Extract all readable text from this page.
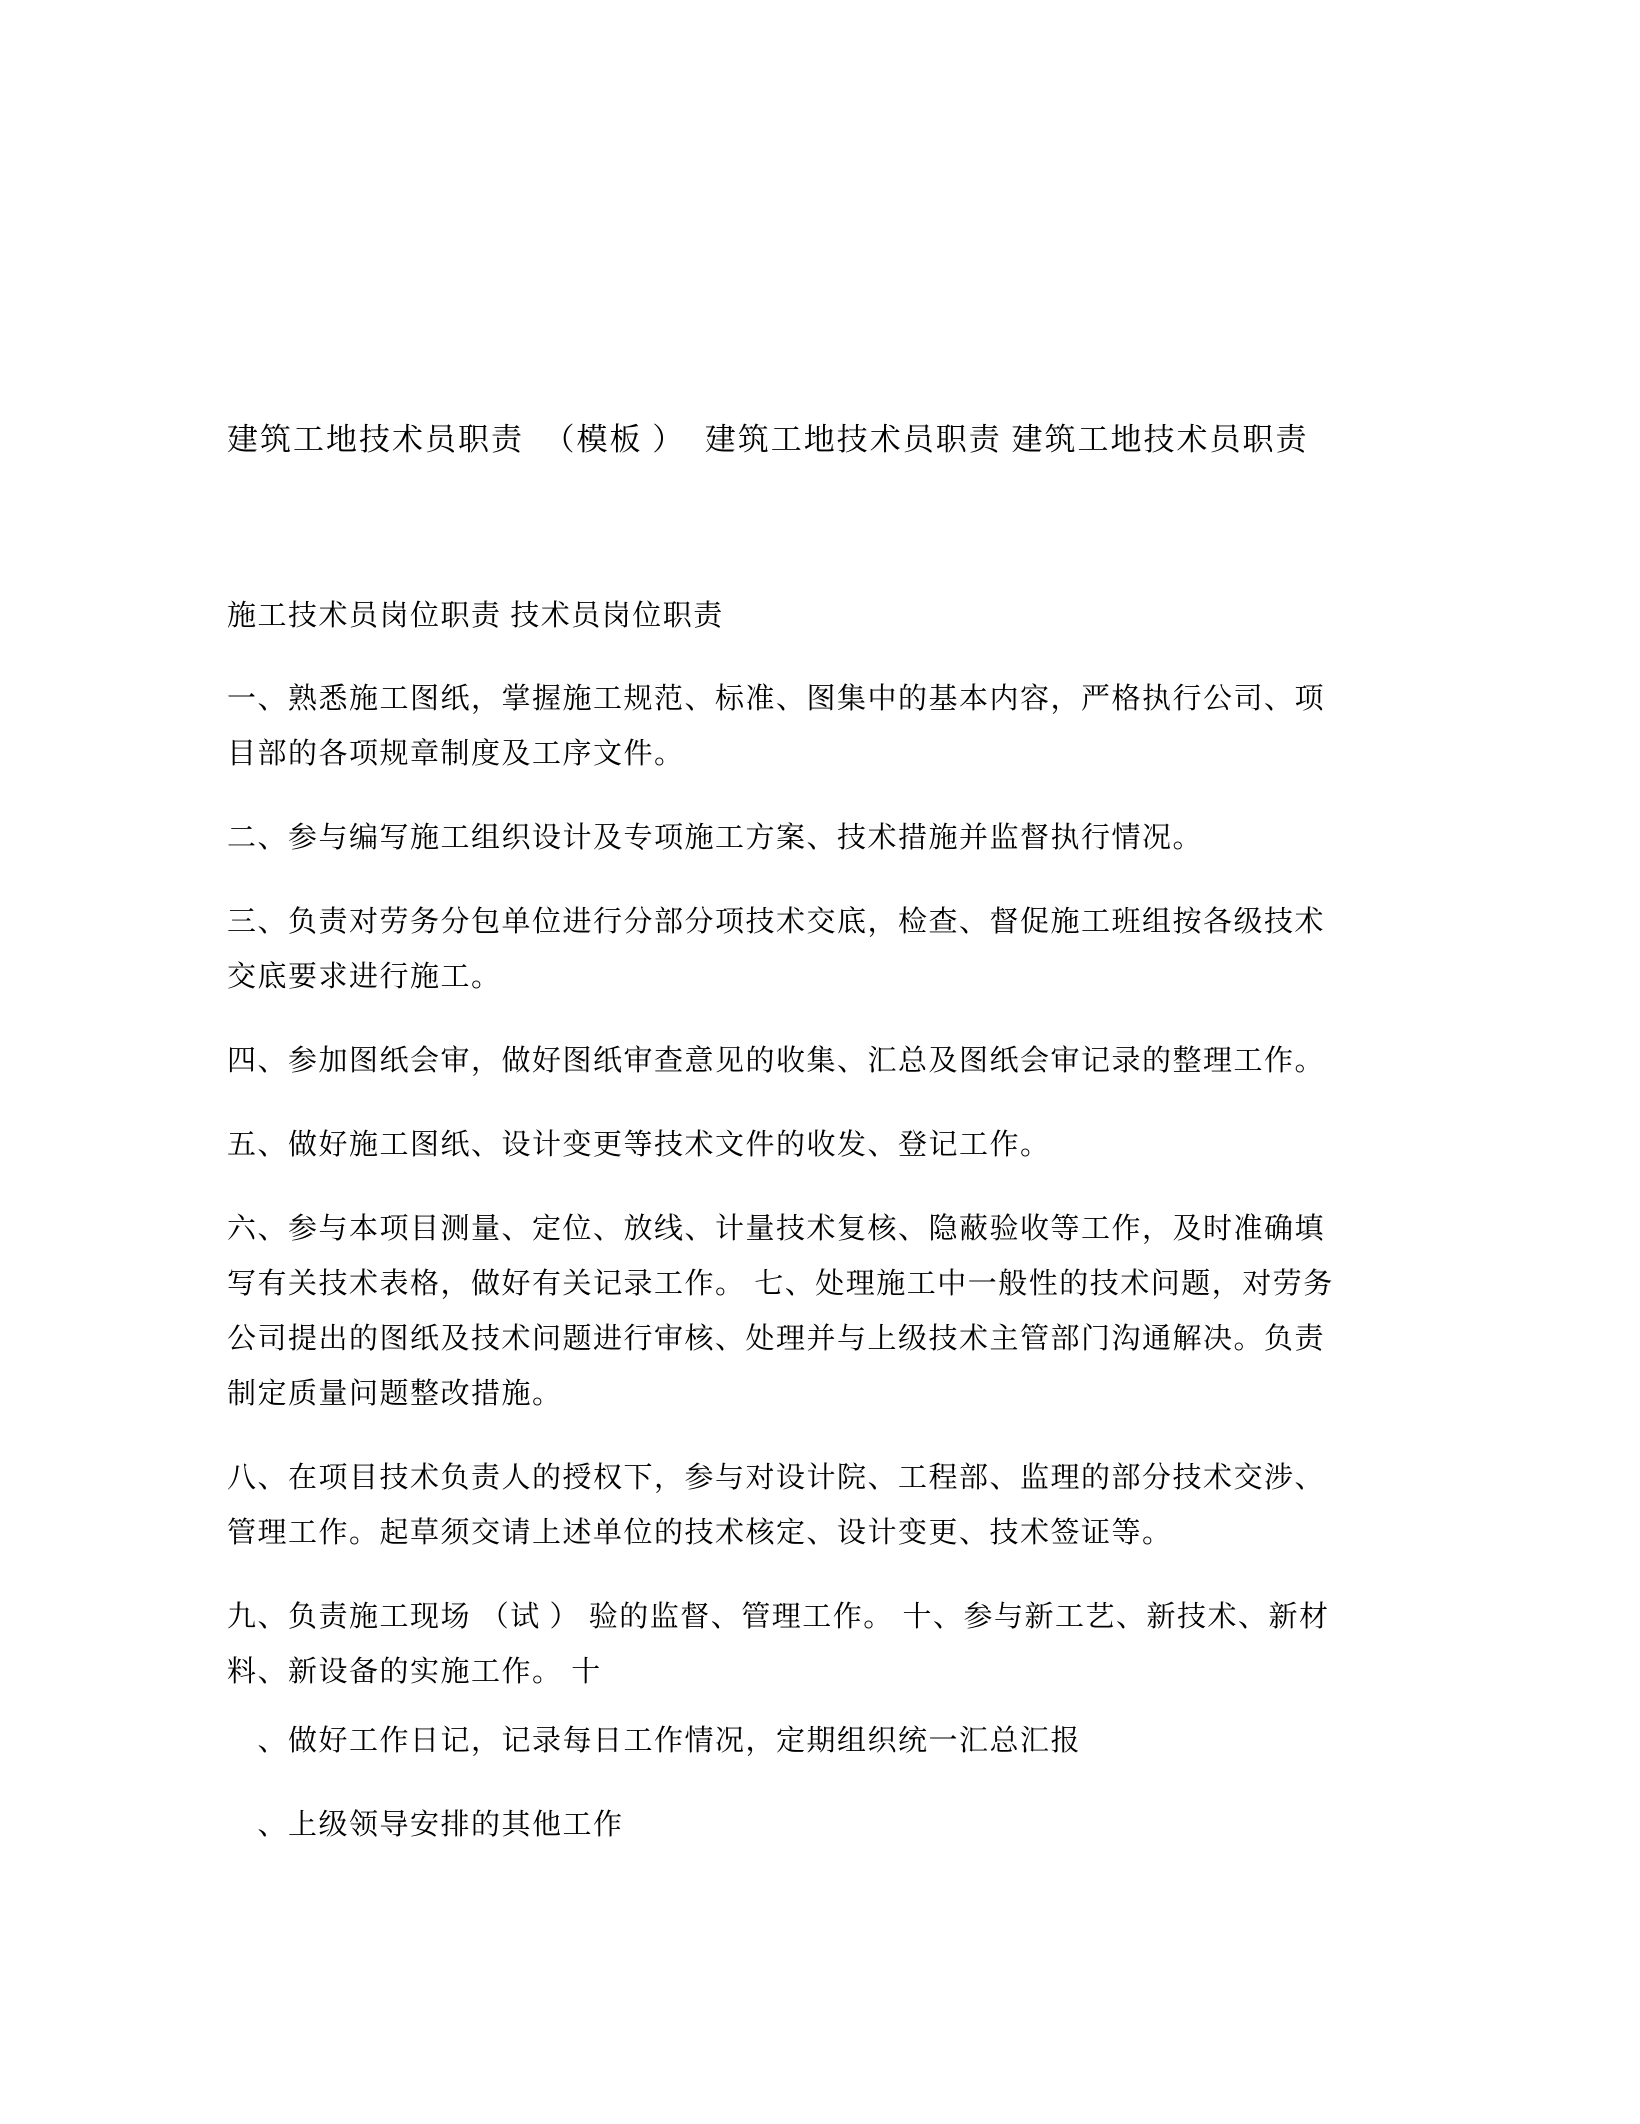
建筑工地技术员职责  （模板 ）  建筑工地技术员职责 建筑工地技术员职责

施工技术员岗位职责 技术员岗位职责

一、熟悉施工图纸，掌握施工规范、标准、图集中的基本内容，严格执行公司、项目部的各项规章制度及工序文件。

二、参与编写施工组织设计及专项施工方案、技术措施并监督执行情况。

三、负责对劳务分包单位进行分部分项技术交底，检查、督促施工班组按各级技术交底要求进行施工。

四、参加图纸会审，做好图纸审查意见的收集、汇总及图纸会审记录的整理工作。

五、做好施工图纸、设计变更等技术文件的收发、登记工作。

六、参与本项目测量、定位、放线、计量技术复核、隐蔽验收等工作，及时准确填写有关技术表格，做好有关记录工作。 七、处理施工中一般性的技术问题，对劳务公司提出的图纸及技术问题进行审核、处理并与上级技术主管部门沟通解决。负责制定质量问题整改措施。

八、在项目技术负责人的授权下，参与对设计院、工程部、监理的部分技术交涉、管理工作。起草须交请上述单位的技术核定、设计变更、技术签证等。

九、负责施工现场 （试 ） 验的监督、管理工作。 十、参与新工艺、新技术、新材料、新设备的实施工作。 十

　、做好工作日记，记录每日工作情况，定期组织统一汇总汇报

　、上级领导安排的其他工作
